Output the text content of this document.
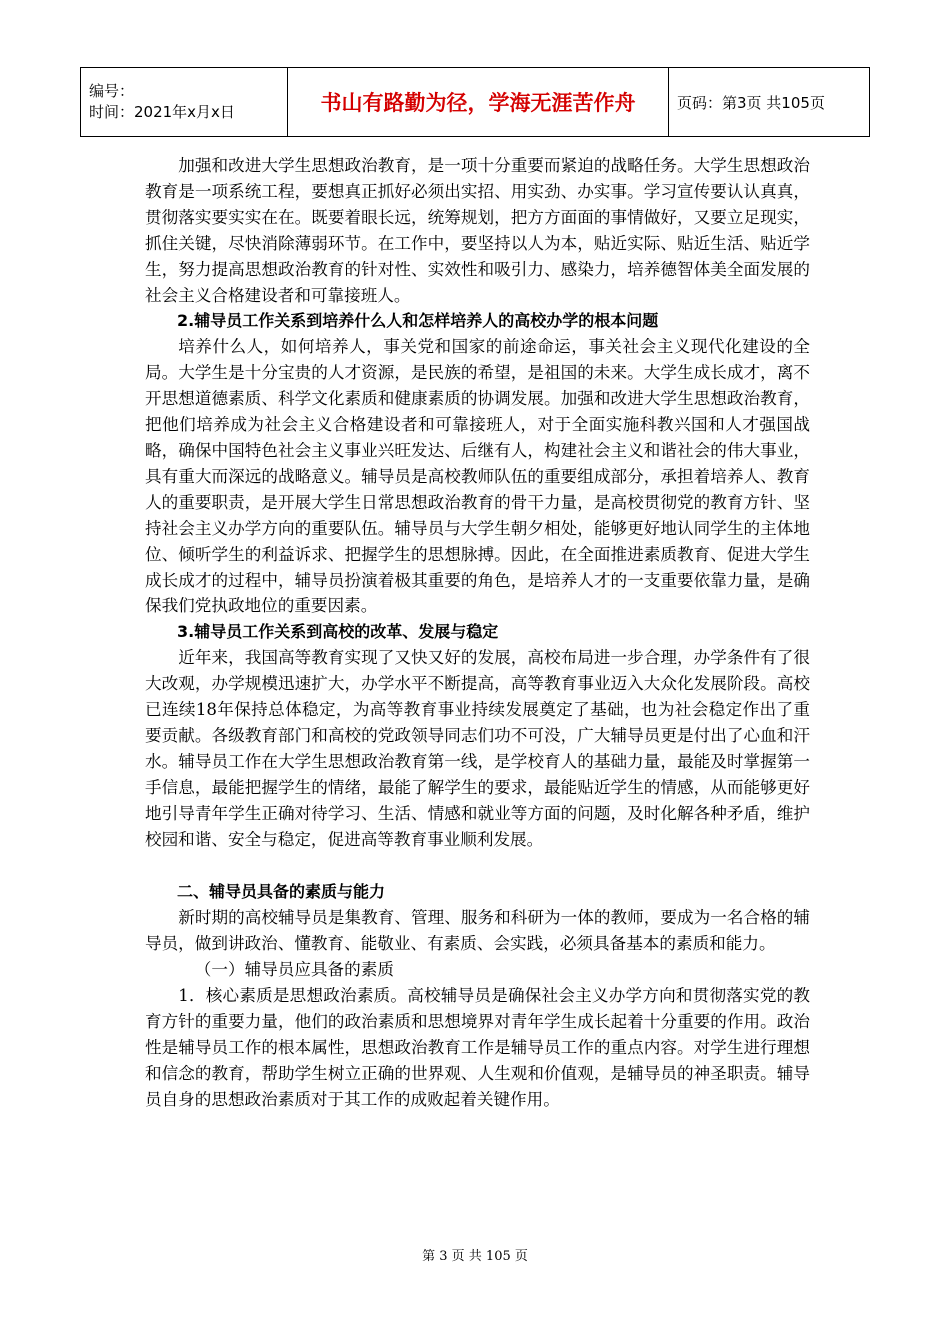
编号：
时间：2021年x月x日	书山有路勤为径，学海无涯苦作舟	页码：第3页 共105页

加强和改进大学生思想政治教育，是一项十分重要而紧迫的战略任务。大学生思想政治教育是一项系统工程，要想真正抓好必须出实招、用实劲、办实事。学习宣传要认认真真，贯彻落实要实实在在。既要着眼长远，统筹规划，把方方面面的事情做好，又要立足现实，抓住关键，尽快消除薄弱环节。在工作中，要坚持以人为本，贴近实际、贴近生活、贴近学生，努力提高思想政治教育的针对性、实效性和吸引力、感染力，培养德智体美全面发展的社会主义合格建设者和可靠接班人。

2.辅导员工作关系到培养什么人和怎样培养人的高校办学的根本问题

培养什么人，如何培养人，事关党和国家的前途命运，事关社会主义现代化建设的全局。大学生是十分宝贵的人才资源，是民族的希望，是祖国的未来。大学生成长成才，离不开思想道德素质、科学文化素质和健康素质的协调发展。加强和改进大学生思想政治教育，把他们培养成为社会主义合格建设者和可靠接班人，对于全面实施科教兴国和人才强国战略，确保中国特色社会主义事业兴旺发达、后继有人，构建社会主义和谐社会的伟大事业，具有重大而深远的战略意义。辅导员是高校教师队伍的重要组成部分，承担着培养人、教育人的重要职责，是开展大学生日常思想政治教育的骨干力量，是高校贯彻党的教育方针、坚持社会主义办学方向的重要队伍。辅导员与大学生朝夕相处，能够更好地认同学生的主体地位、倾听学生的利益诉求、把握学生的思想脉搏。因此，在全面推进素质教育、促进大学生成长成才的过程中，辅导员扮演着极其重要的角色，是培养人才的一支重要依靠力量，是确保我们党执政地位的重要因素。

3.辅导员工作关系到高校的改革、发展与稳定

近年来，我国高等教育实现了又快又好的发展，高校布局进一步合理，办学条件有了很大改观，办学规模迅速扩大，办学水平不断提高，高等教育事业迈入大众化发展阶段。高校已连续18年保持总体稳定，为高等教育事业持续发展奠定了基础，也为社会稳定作出了重要贡献。各级教育部门和高校的党政领导同志们功不可没，广大辅导员更是付出了心血和汗水。辅导员工作在大学生思想政治教育第一线，是学校育人的基础力量，最能及时掌握第一手信息，最能把握学生的情绪，最能了解学生的要求，最能贴近学生的情感，从而能够更好地引导青年学生正确对待学习、生活、情感和就业等方面的问题，及时化解各种矛盾，维护校园和谐、安全与稳定，促进高等教育事业顺利发展。

二、辅导员具备的素质与能力

新时期的高校辅导员是集教育、管理、服务和科研为一体的教师，要成为一名合格的辅导员，做到讲政治、懂教育、能敬业、有素质、会实践，必须具备基本的素质和能力。

（一）辅导员应具备的素质

1．核心素质是思想政治素质。高校辅导员是确保社会主义办学方向和贯彻落实党的教育方针的重要力量，他们的政治素质和思想境界对青年学生成长起着十分重要的作用。政治性是辅导员工作的根本属性，思想政治教育工作是辅导员工作的重点内容。对学生进行理想和信念的教育，帮助学生树立正确的世界观、人生观和价值观，是辅导员的神圣职责。辅导员自身的思想政治素质对于其工作的成败起着关键作用。

第 3 页 共 105 页
